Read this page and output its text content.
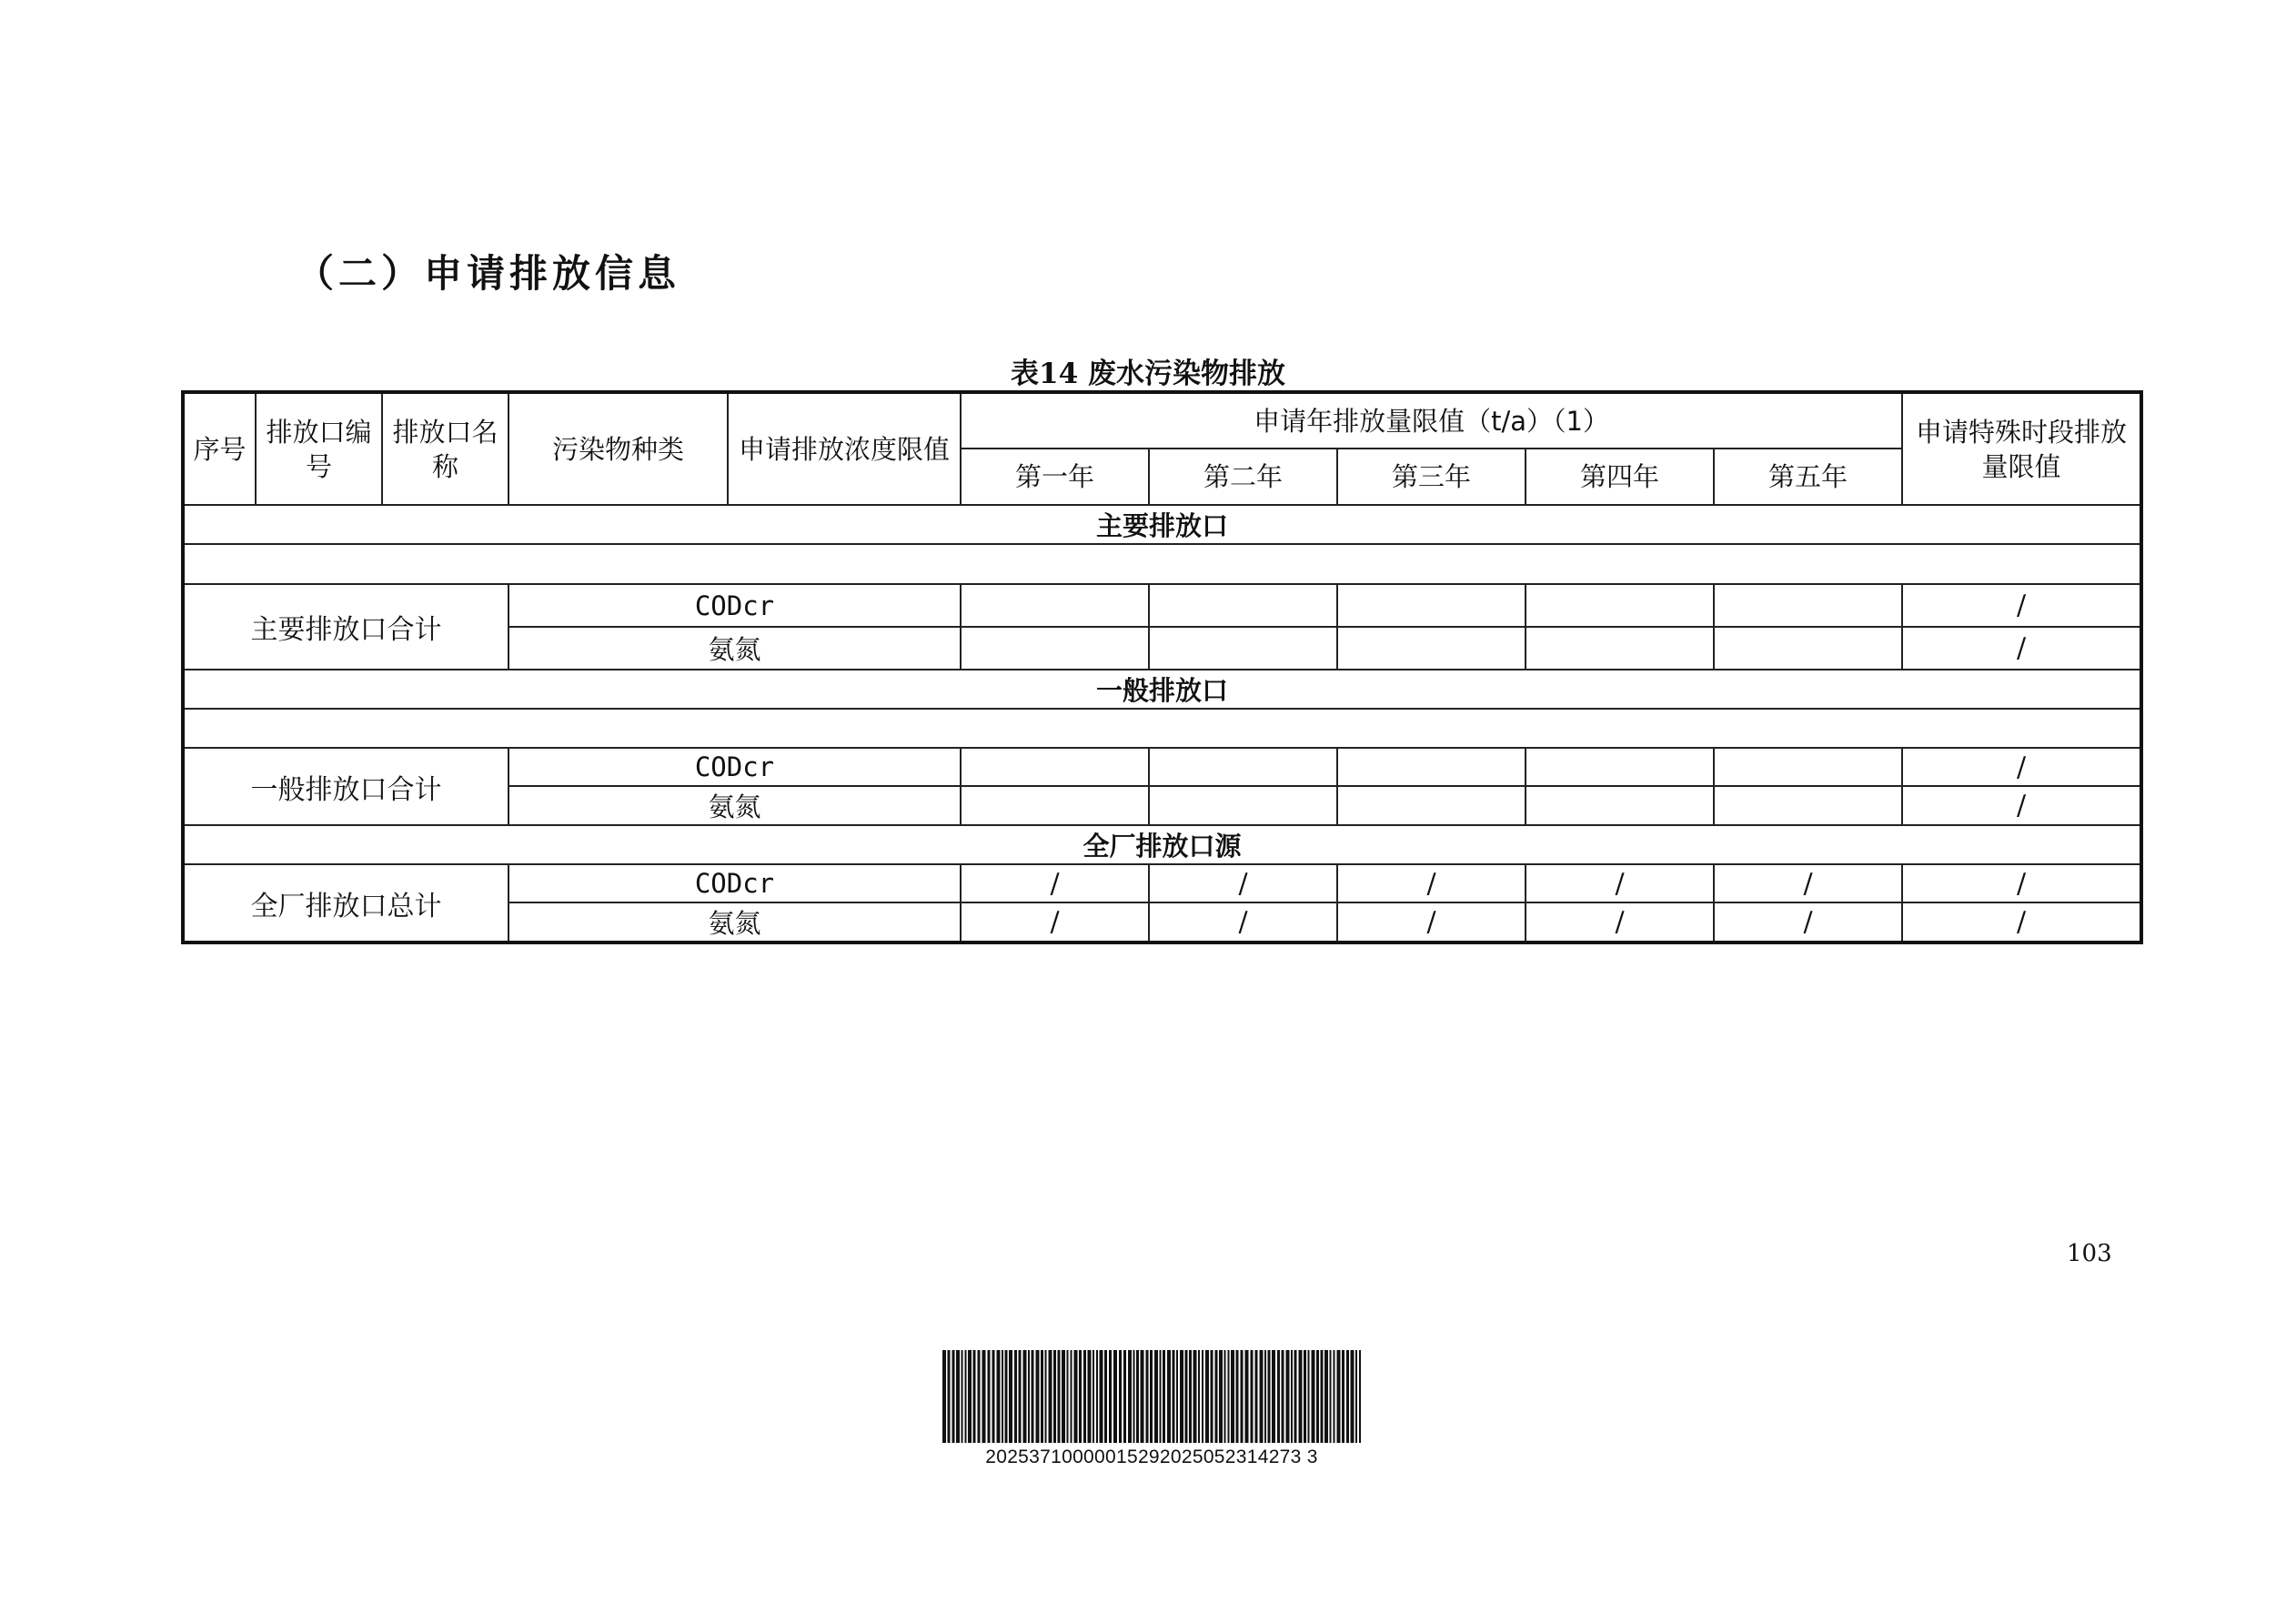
（二）申请排放信息
表14 废水污染物排放
序号	排放口编号	排放口名称	污染物种类	申请排放浓度限值	申请年排放量限值（t/a）（1）					申请特殊时段排放量限值
					第一年	第二年	第三年	第四年	第五年	
主要排放口										

主要排放口合计			CODcr							/
			氨氮							/
一般排放口										

一般排放口合计			CODcr							/
			氨氮							/
全厂排放口源										
全厂排放口总计			CODcr		/	/	/	/	/	/
			氨氮		/	/	/	/	/	/
103
20253710000015292025052314273 3
